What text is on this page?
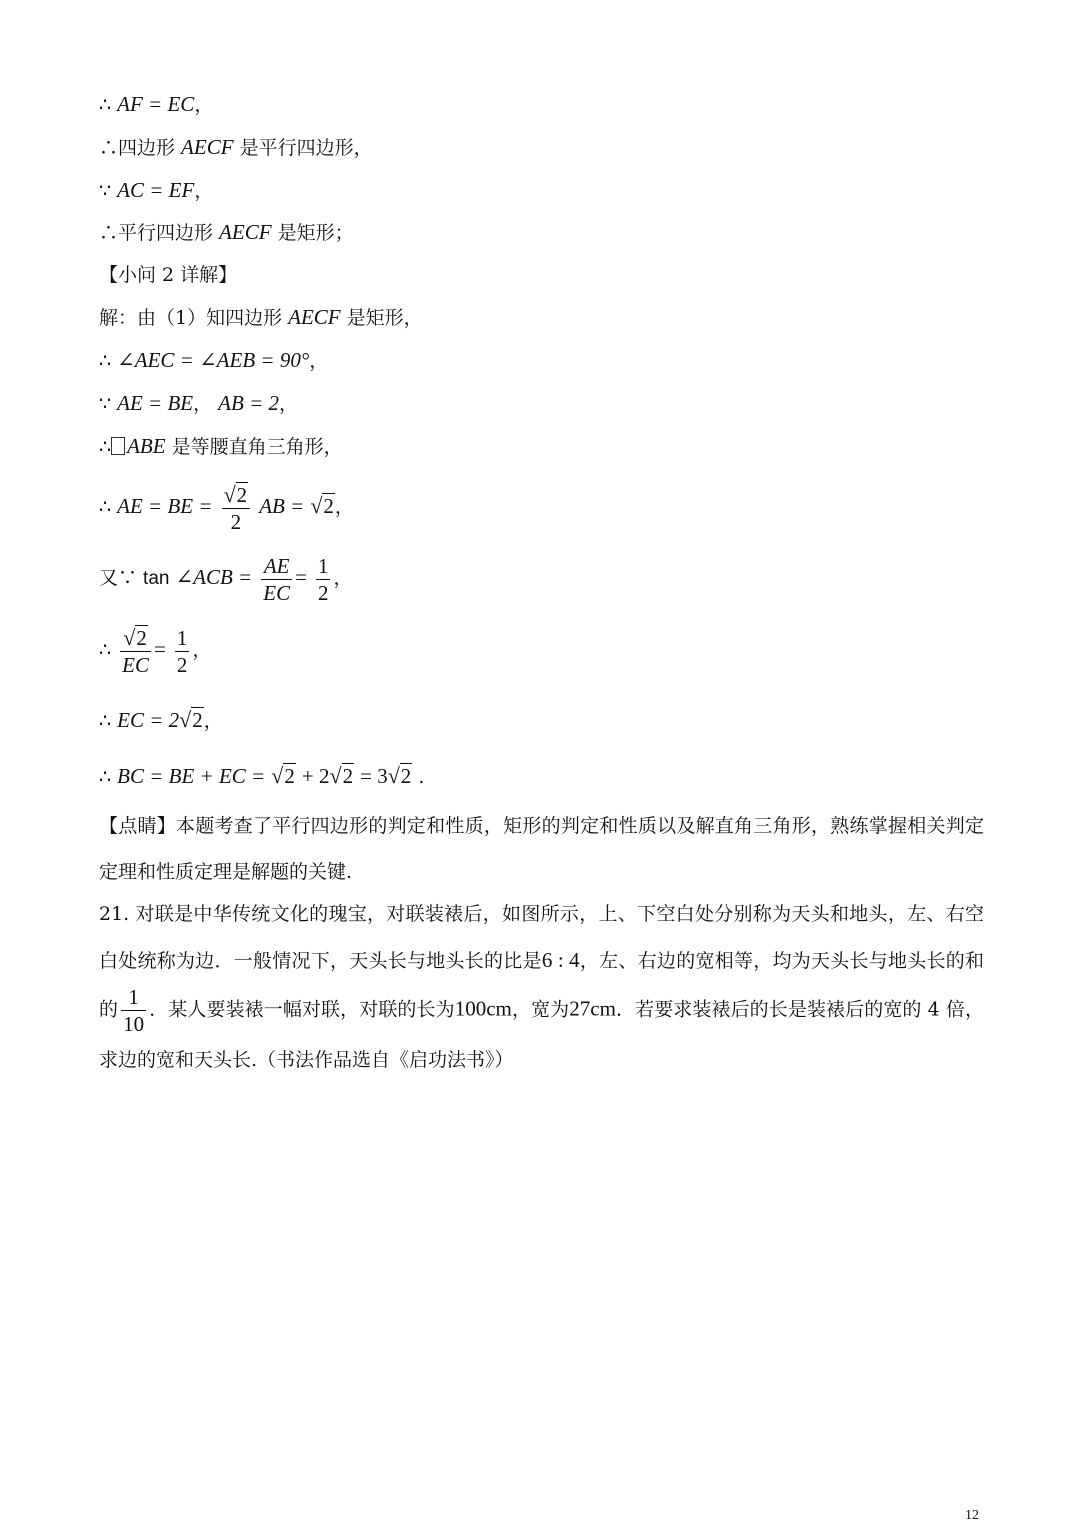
∴ AF = EC，
∴四边形 AECF 是平行四边形，
∵ AC = EF，
∴平行四边形 AECF 是矩形；
【小问 2 详解】
解：由（1）知四边形 AECF 是矩形，
∴ ∠AEC = ∠AEB = 90°，
∵ AE = BE， AB = 2，
∴ ABE 是等腰直角三角形，
∴ AE = BE = $\frac{√2}{2}$ AB = √2，
又∵ tan ∠ACB = $\frac{AE}{EC} = \frac{1}{2}$ ，
∴ $\frac{√2}{EC} = \frac{1}{2}$ ，
∴ EC = 2√2，
∴ BC = BE + EC = √2 + 2√2 = 3√2 .
【点睛】本题考查了平行四边形的判定和性质，矩形的判定和性质以及解直角三角形，熟练掌握相关判定定理和性质定理是解题的关键.
21. 对联是中华传统文化的瑰宝，对联装裱后，如图所示，上、下空白处分别称为天头和地头，左、右空白处统称为边．一般情况下，天头长与地头长的比是6 : 4，左、右边的宽相等，均为天头长与地头长的和的 $\frac{1}{10}$ ．某人要装裱一幅对联，对联的长为100cm，宽为27cm．若要求装裱后的长是装裱后的宽的 4 倍，求边的宽和天头长.（书法作品选自《启功法书》）
12
